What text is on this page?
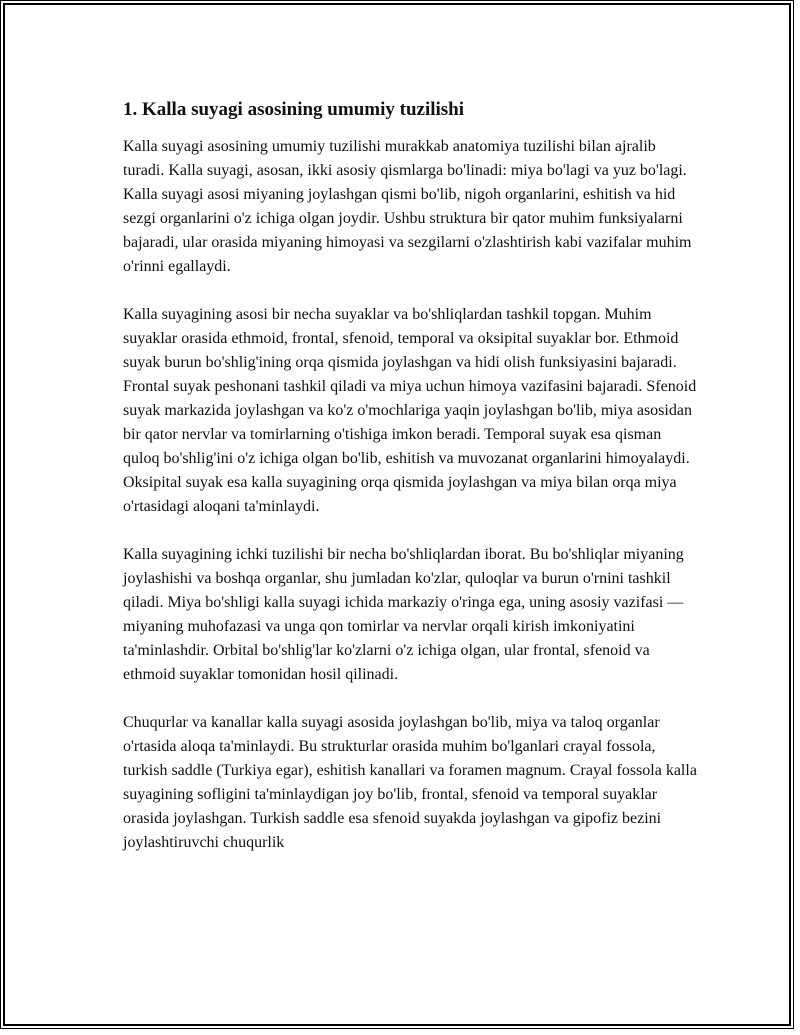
1. Kalla suyagi asosining umumiy tuzilishi

Kalla suyagi asosining umumiy tuzilishi murakkab anatomiya tuzilishi bilan ajralib turadi. Kalla suyagi, asosan, ikki asosiy qismlarga bo'linadi: miya bo'lagi va yuz bo'lagi. Kalla suyagi asosi miyaning joylashgan qismi bo'lib, nigoh organlarini, eshitish va hid sezgi organlarini o'z ichiga olgan joydir. Ushbu struktura bir qator muhim funksiyalarni bajaradi, ular orasida miyaning himoyasi va sezgilarni o'zlashtirish kabi vazifalar muhim o'rinni egallaydi.

Kalla suyagining asosi bir necha suyaklar va bo'shliqlardan tashkil topgan. Muhim suyaklar orasida ethmoid, frontal, sfenoid, temporal va oksipital suyaklar bor. Ethmoid suyak burun bo'shlig'ining orqa qismida joylashgan va hidi olish funksiyasini bajaradi. Frontal suyak peshonani tashkil qiladi va miya uchun himoya vazifasini bajaradi. Sfenoid suyak markazida joylashgan va ko'z o'mochlariga yaqin joylashgan bo'lib, miya asosidan bir qator nervlar va tomirlarning o'tishiga imkon beradi. Temporal suyak esa qisman quloq bo'shlig'ini o'z ichiga olgan bo'lib, eshitish va muvozanat organlarini himoyalaydi. Oksipital suyak esa kalla suyagining orqa qismida joylashgan va miya bilan orqa miya o'rtasidagi aloqani ta'minlaydi.

Kalla suyagining ichki tuzilishi bir necha bo'shliqlardan iborat. Bu bo'shliqlar miyaning joylashishi va boshqa organlar, shu jumladan ko'zlar, quloqlar va burun o'rnini tashkil qiladi. Miya bo'shligi kalla suyagi ichida markaziy o'ringa ega, uning asosiy vazifasi — miyaning muhofazasi va unga qon tomirlar va nervlar orqali kirish imkoniyatini ta'minlashdir. Orbital bo'shlig'lar ko'zlarni o'z ichiga olgan, ular frontal, sfenoid va ethmoid suyaklar tomonidan hosil qilinadi.

Chuqurlar va kanallar kalla suyagi asosida joylashgan bo'lib, miya va taloq organlar o'rtasida aloqa ta'minlaydi. Bu strukturlar orasida muhim bo'lganlari crayal fossola, turkish saddle (Turkiya egar), eshitish kanallari va foramen magnum. Crayal fossola kalla suyagining sofligini ta'minlaydigan joy bo'lib, frontal, sfenoid va temporal suyaklar orasida joylashgan. Turkish saddle esa sfenoid suyakda joylashgan va gipofiz bezini joylashtiruvchi chuqurlik
